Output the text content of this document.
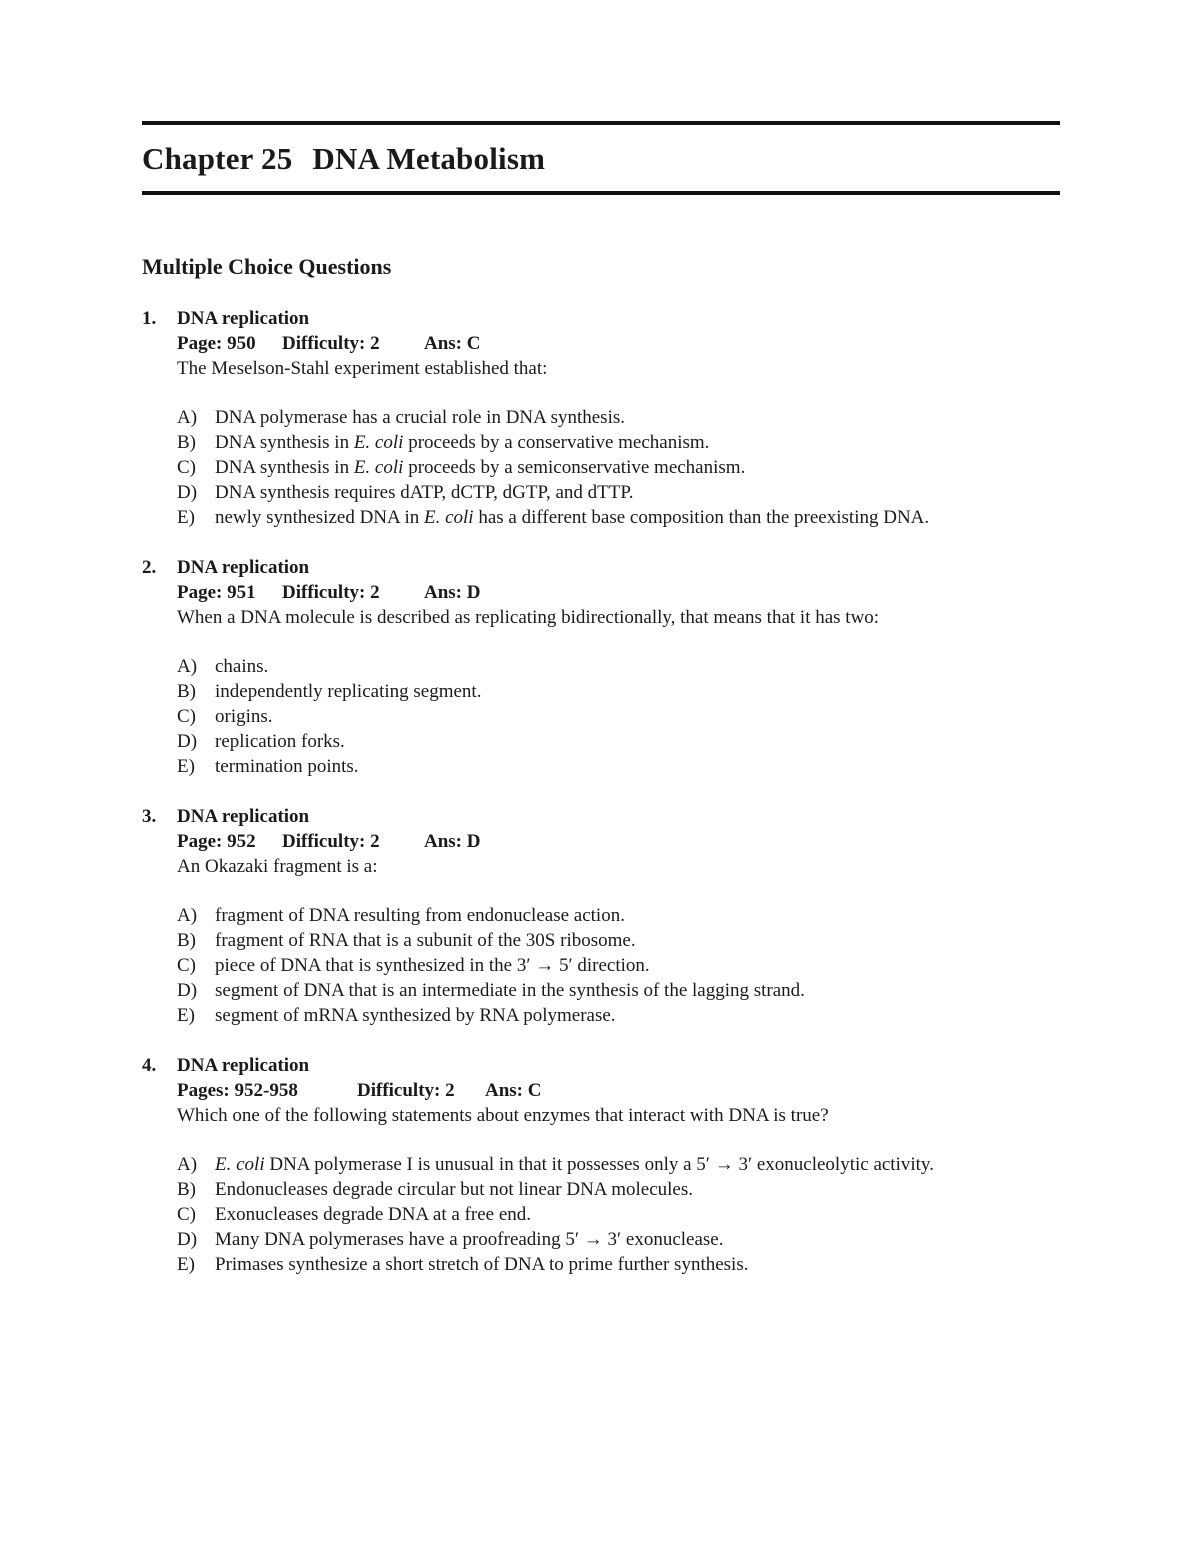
Chapter 25 DNA Metabolism
Multiple Choice Questions
1. DNA replication
Page: 950 Difficulty: 2 Ans: C
The Meselson-Stahl experiment established that:
A) DNA polymerase has a crucial role in DNA synthesis.
B) DNA synthesis in E. coli proceeds by a conservative mechanism.
C) DNA synthesis in E. coli proceeds by a semiconservative mechanism.
D) DNA synthesis requires dATP, dCTP, dGTP, and dTTP.
E) newly synthesized DNA in E. coli has a different base composition than the preexisting DNA.
2. DNA replication
Page: 951 Difficulty: 2 Ans: D
When a DNA molecule is described as replicating bidirectionally, that means that it has two:
A) chains.
B) independently replicating segment.
C) origins.
D) replication forks.
E) termination points.
3. DNA replication
Page: 952 Difficulty: 2 Ans: D
An Okazaki fragment is a:
A) fragment of DNA resulting from endonuclease action.
B) fragment of RNA that is a subunit of the 30S ribosome.
C) piece of DNA that is synthesized in the 3′ → 5′ direction.
D) segment of DNA that is an intermediate in the synthesis of the lagging strand.
E) segment of mRNA synthesized by RNA polymerase.
4. DNA replication
Pages: 952-958	Difficulty: 2 Ans: C
Which one of the following statements about enzymes that interact with DNA is true?
A) E. coli DNA polymerase I is unusual in that it possesses only a 5′ → 3′ exonucleolytic activity.
B) Endonucleases degrade circular but not linear DNA molecules.
C) Exonucleases degrade DNA at a free end.
D) Many DNA polymerases have a proofreading 5′ → 3′ exonuclease.
E) Primases synthesize a short stretch of DNA to prime further synthesis.
